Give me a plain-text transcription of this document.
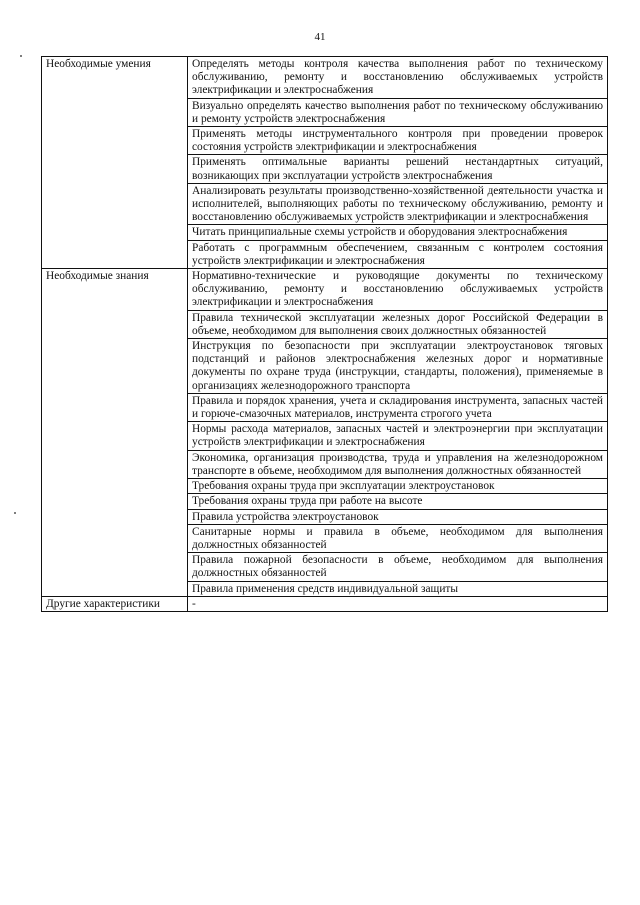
41
Необходимые умения	Определять методы контроля качества выполнения работ по техническому обслуживанию, ремонту и восстановлению обслуживаемых устройств электрификации и электроснабжения
	Визуально определять качество выполнения работ по техническому обслуживанию и ремонту устройств электроснабжения
	Применять методы инструментального контроля при проведении проверок состояния устройств электрификации и электроснабжения
	Применять оптимальные варианты решений нестандартных ситуаций, возникающих при эксплуатации устройств электроснабжения
	Анализировать результаты производственно-хозяйственной деятельности участка и исполнителей, выполняющих работы по техническому обслуживанию, ремонту и восстановлению обслуживаемых устройств электрификации и электроснабжения
	Читать принципиальные схемы устройств и оборудования электроснабжения
	Работать с программным обеспечением, связанным с контролем состояния устройств электрификации и электроснабжения
Необходимые знания	Нормативно-технические и руководящие документы по техническому обслуживанию, ремонту и восстановлению обслуживаемых устройств электрификации и электроснабжения
	Правила технической эксплуатации железных дорог Российской Федерации в объеме, необходимом для выполнения своих должностных обязанностей
	Инструкция по безопасности при эксплуатации электроустановок тяговых подстанций и районов электроснабжения железных дорог и нормативные документы по охране труда (инструкции, стандарты, положения), применяемые в организациях железнодорожного транспорта
	Правила и порядок хранения, учета и складирования инструмента, запасных частей и горюче-смазочных материалов, инструмента строгого учета
	Нормы расхода материалов, запасных частей и электроэнергии при эксплуатации устройств электрификации и электроснабжения
	Экономика, организация производства, труда и управления на железнодорожном транспорте в объеме, необходимом для выполнения должностных обязанностей
	Требования охраны труда при эксплуатации электроустановок
	Требования охраны труда при работе на высоте
	Правила устройства электроустановок
	Санитарные нормы и правила в объеме, необходимом для выполнения должностных обязанностей
	Правила пожарной безопасности в объеме, необходимом для выполнения должностных обязанностей
	Правила применения средств индивидуальной защиты
Другие характеристики	-
